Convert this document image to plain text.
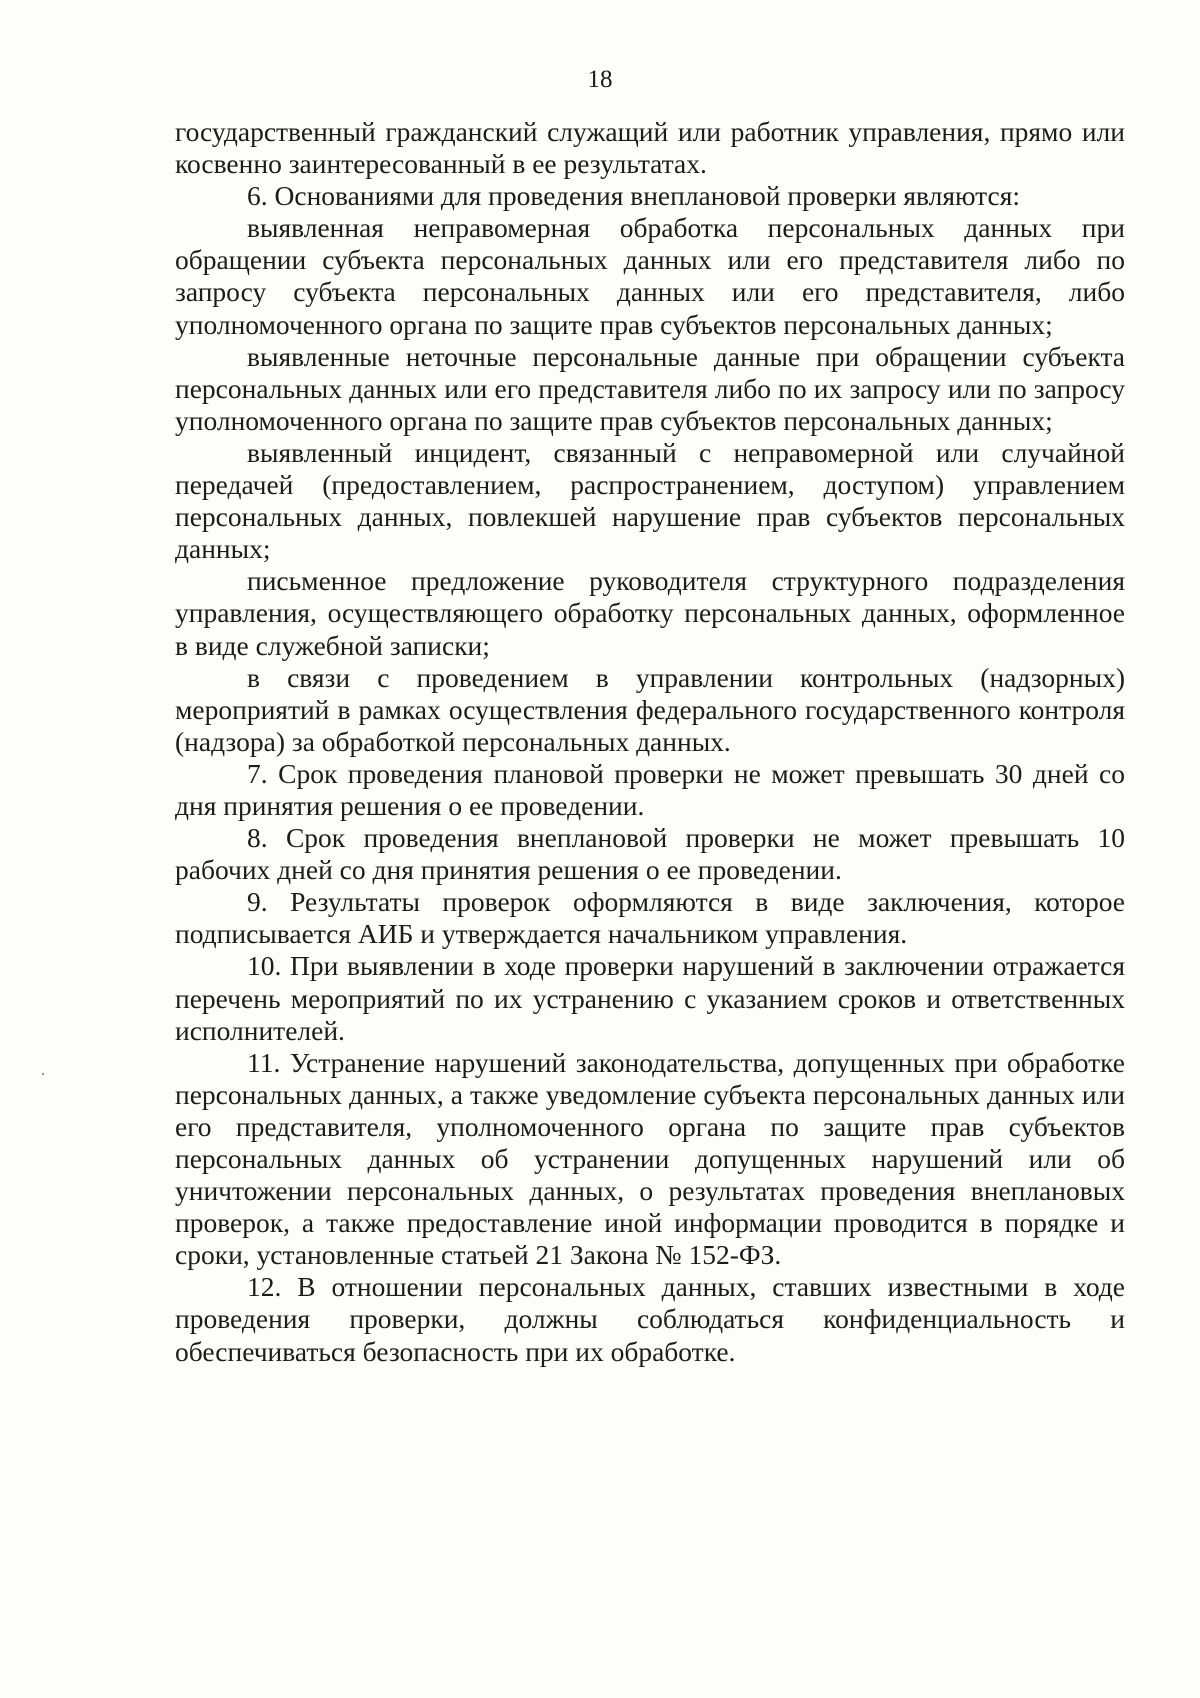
18

государственный гражданский служащий или работник управления, прямо или косвенно заинтересованный в ее результатах.

6. Основаниями для проведения внеплановой проверки являются:

выявленная неправомерная обработка персональных данных при обращении субъекта персональных данных или его представителя либо по запросу субъекта персональных данных или его представителя, либо уполномоченного органа по защите прав субъектов персональных данных;

выявленные неточные персональные данные при обращении субъекта персональных данных или его представителя либо по их запросу или по запросу уполномоченного органа по защите прав субъектов персональных данных;

выявленный инцидент, связанный с неправомерной или случайной передачей (предоставлением, распространением, доступом) управлением персональных данных, повлекшей нарушение прав субъектов персональных данных;

письменное предложение руководителя структурного подразделения управления, осуществляющего обработку персональных данных, оформленное в виде служебной записки;

в связи с проведением в управлении контрольных (надзорных) мероприятий в рамках осуществления федерального государственного контроля (надзора) за обработкой персональных данных.

7. Срок проведения плановой проверки не может превышать 30 дней со дня принятия решения о ее проведении.

8. Срок проведения внеплановой проверки не может превышать 10 рабочих дней со дня принятия решения о ее проведении.

9. Результаты проверок оформляются в виде заключения, которое подписывается АИБ и утверждается начальником управления.

10. При выявлении в ходе проверки нарушений в заключении отражается перечень мероприятий по их устранению с указанием сроков и ответственных исполнителей.

11. Устранение нарушений законодательства, допущенных при обработке персональных данных, а также уведомление субъекта персональных данных или его представителя, уполномоченного органа по защите прав субъектов персональных данных об устранении допущенных нарушений или об уничтожении персональных данных, о результатах проведения внеплановых проверок, а также предоставление иной информации проводится в порядке и сроки, установленные статьей 21 Закона № 152-ФЗ.

12. В отношении персональных данных, ставших известными в ходе проведения проверки, должны соблюдаться конфиденциальность и обеспечиваться безопасность при их обработке.
